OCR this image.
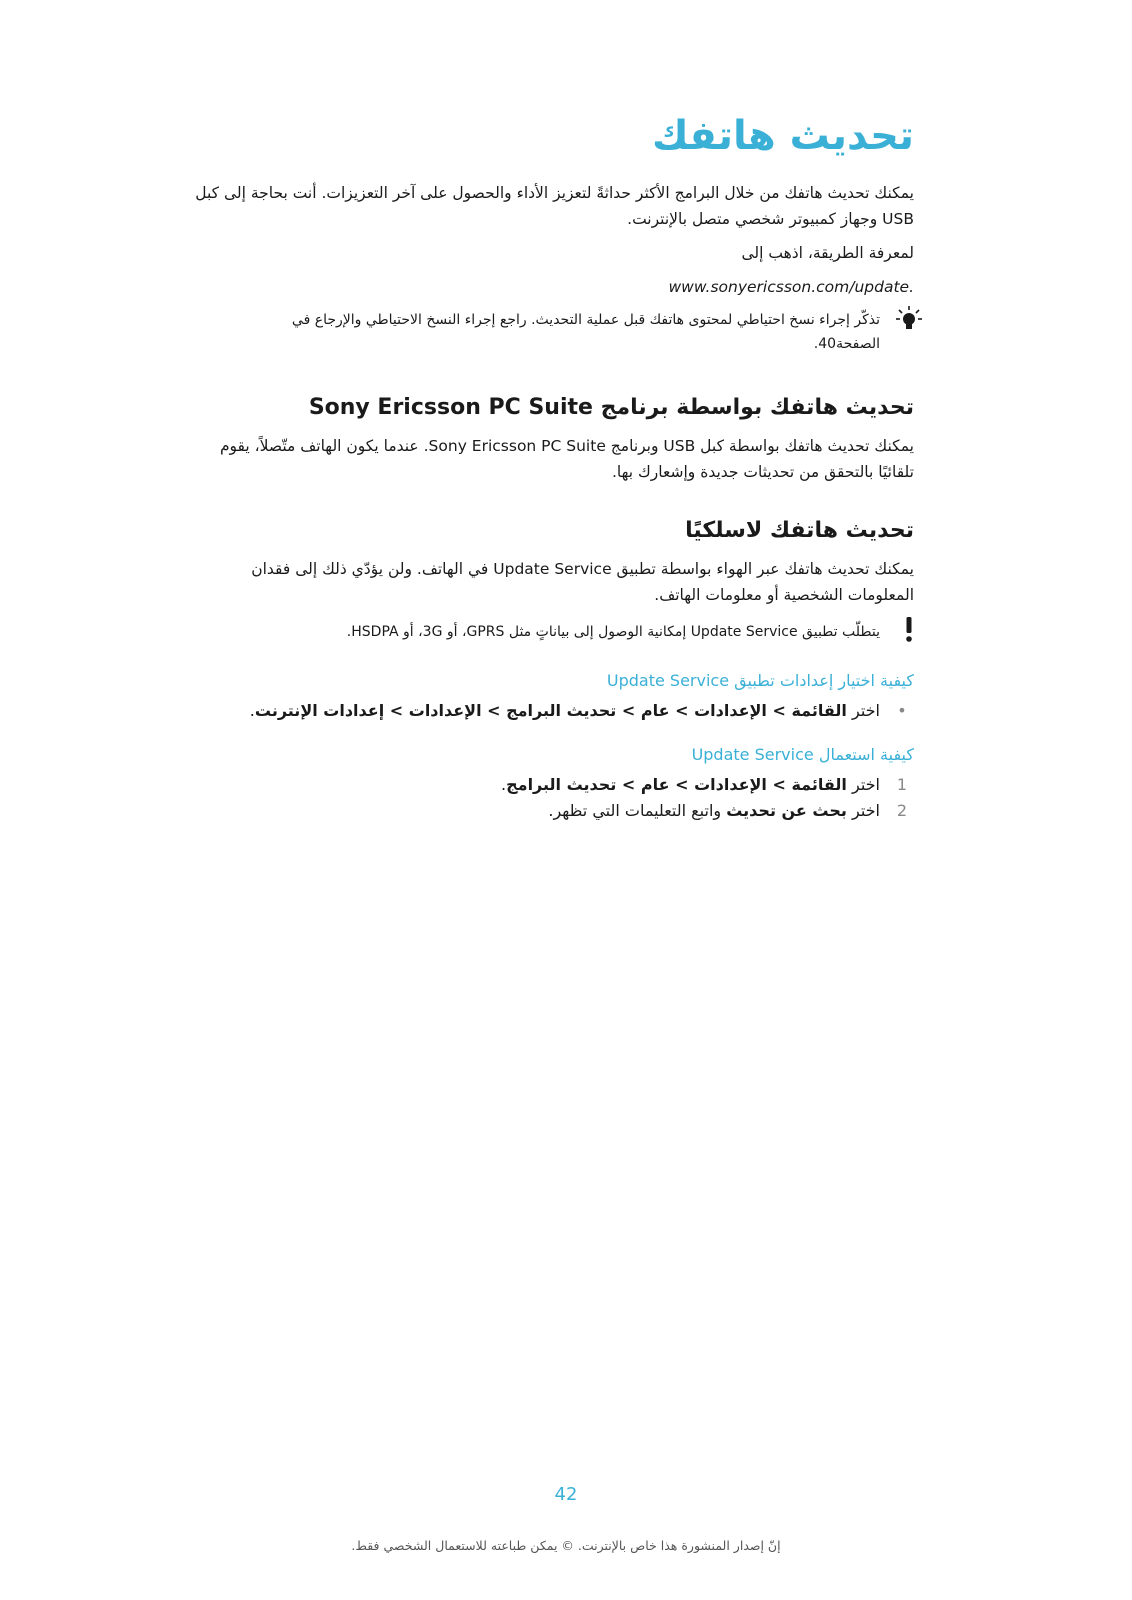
تحديث هاتفك
يمكنك تحديث هاتفك من خلال البرامج الأكثر حداثةً لتعزيز الأداء والحصول على آخر التعزيزات. أنت بحاجة إلى كبل USB وجهاز كمبيوتر شخصي متصل بالإنترنت.
لمعرفة الطريقة، اذهب إلى
www.sonyericsson.com/update.
تذكّر إجراء نسخ احتياطي لمحتوى هاتفك قبل عملية التحديث. راجع إجراء النسخ الاحتياطي والإرجاع في الصفحة40.
تحديث هاتفك بواسطة برنامج Sony Ericsson PC Suite
يمكنك تحديث هاتفك بواسطة كبل USB وبرنامج Sony Ericsson PC Suite. عندما يكون الهاتف متّصلاً، يقوم تلقائيًا بالتحقق من تحديثات جديدة وإشعارك بها.
تحديث هاتفك لاسلكيًا
يمكنك تحديث هاتفك عبر الهواء بواسطة تطبيق Update Service في الهاتف. ولن يؤدّي ذلك إلى فقدان المعلومات الشخصية أو معلومات الهاتف.
يتطلّب تطبيق Update Service إمكانية الوصول إلى بياناتٍ مثل GPRS، أو 3G، أو HSDPA.
كيفية اختيار إعدادات تطبيق Update Service
•اختر القائمة > الإعدادات > عام > تحديث البرامج > الإعدادات > إعدادات الإنترنت.
كيفية استعمال Update Service
1اختر القائمة > الإعدادات > عام > تحديث البرامج.
2اختر بحث عن تحديث واتبع التعليمات التي تظهر.
42
إنّ إصدار المنشورة هذا خاص بالإنترنت. © يمكن طباعته للاستعمال الشخصي فقط.
